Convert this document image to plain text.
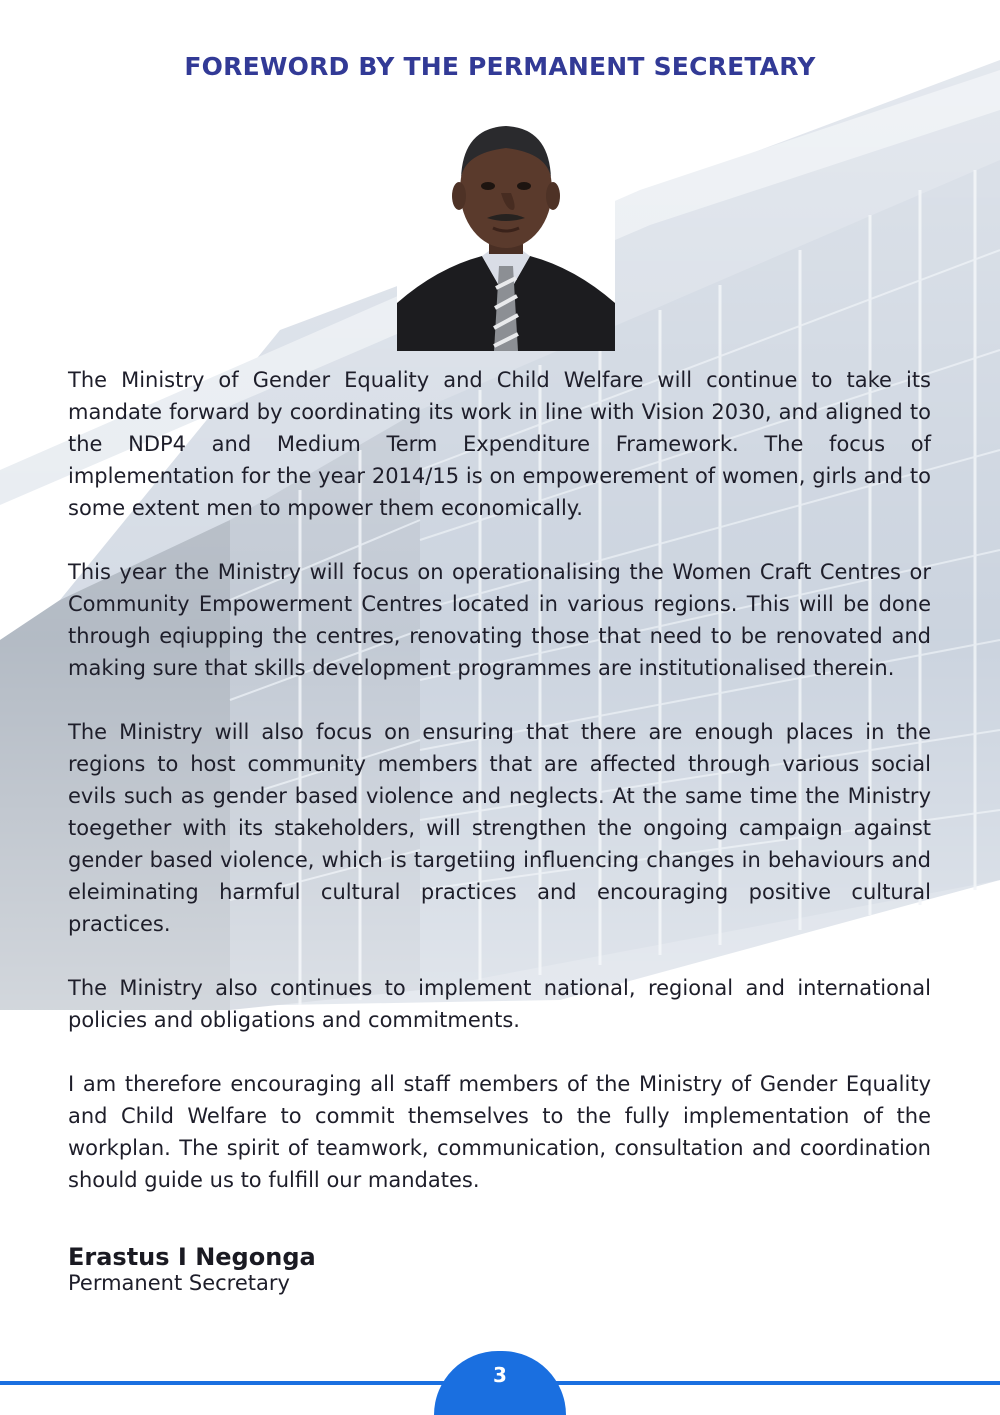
FOREWORD BY THE PERMANENT SECRETARY

The Ministry of Gender Equality and Child Welfare will continue to take its mandate forward by coordinating its work in line with Vision 2030, and aligned to the NDP4 and Medium Term Expenditure Framework. The focus of implementation for the year 2014/15 is on empowerement of women, girls and to some extent men to mpower them economically.

This year the Ministry will focus on operationalising the Women Craft Centres or Community Empowerment Centres located in various regions. This will be done through eqiupping the centres, renovating those that need to be renovated and making sure that skills development programmes are institutionalised therein.

The Ministry will also focus on ensuring that there are enough places in the regions to host community members that are affected through various social evils such as gender based violence and neglects. At the same time the Ministry toegether with its stakeholders, will strengthen the ongoing campaign against gender based violence, which is targetiing influencing changes in behaviours and eleiminating harmful cultural practices and encouraging positive cultural practices.

The Ministry also continues to implement national, regional and international policies and obligations and commitments.

I am therefore encouraging all staff members of the Ministry of Gender Equality and Child Welfare to commit themselves to the fully implementation of the workplan. The spirit of teamwork, communication, consultation and coordination should guide us to fulfill our mandates.

Erastus I Negonga
Permanent Secretary
3
